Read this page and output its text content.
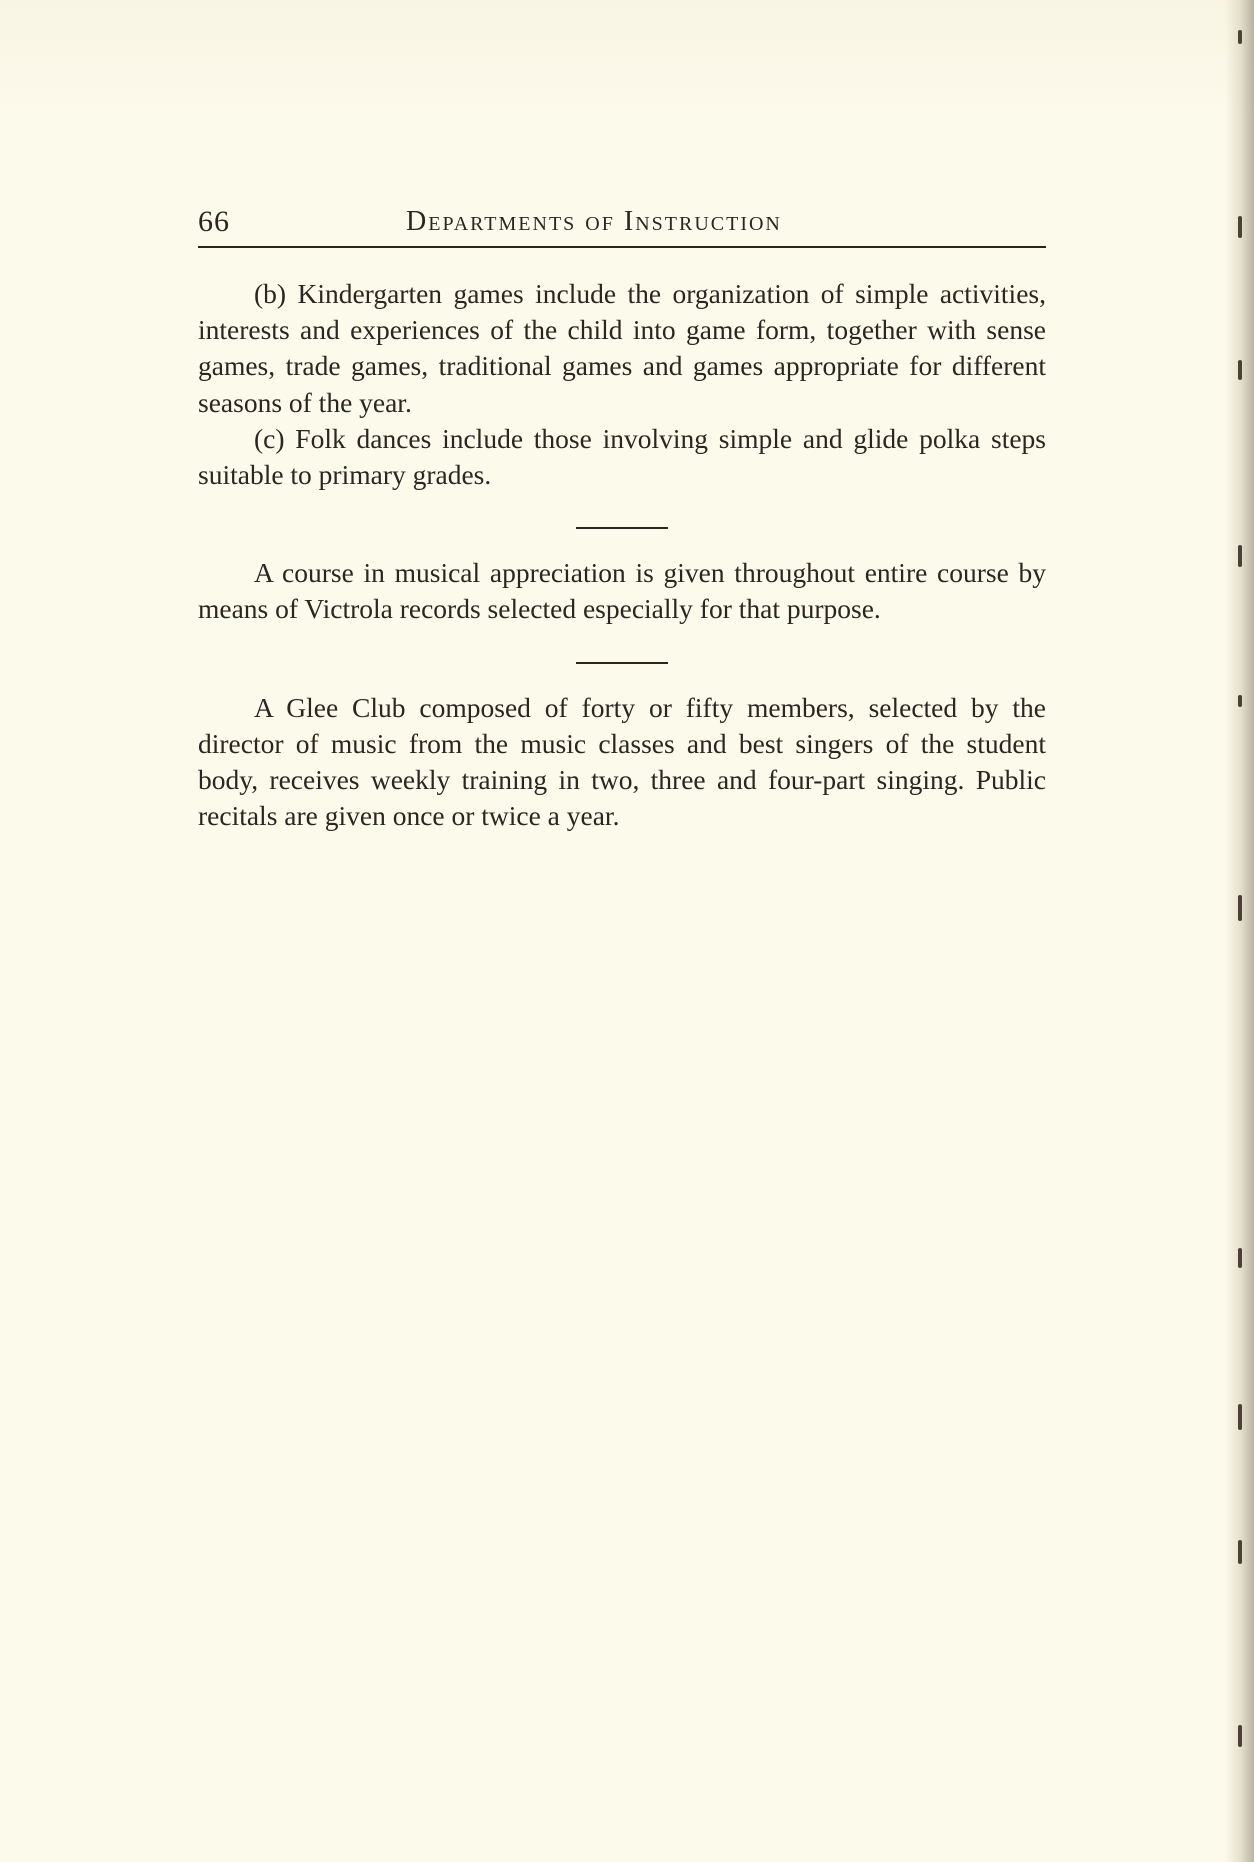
66	Departments of Instruction

(b) Kindergarten games include the organization of simple activities, interests and experiences of the child into game form, together with sense games, trade games, traditional games and games appropriate for different seasons of the year.

(c) Folk dances include those involving simple and glide polka steps suitable to primary grades.

A course in musical appreciation is given throughout entire course by means of Victrola records selected especially for that purpose.

A Glee Club composed of forty or fifty members, selected by the director of music from the music classes and best singers of the student body, receives weekly training in two, three and four-part singing. Public recitals are given once or twice a year.
